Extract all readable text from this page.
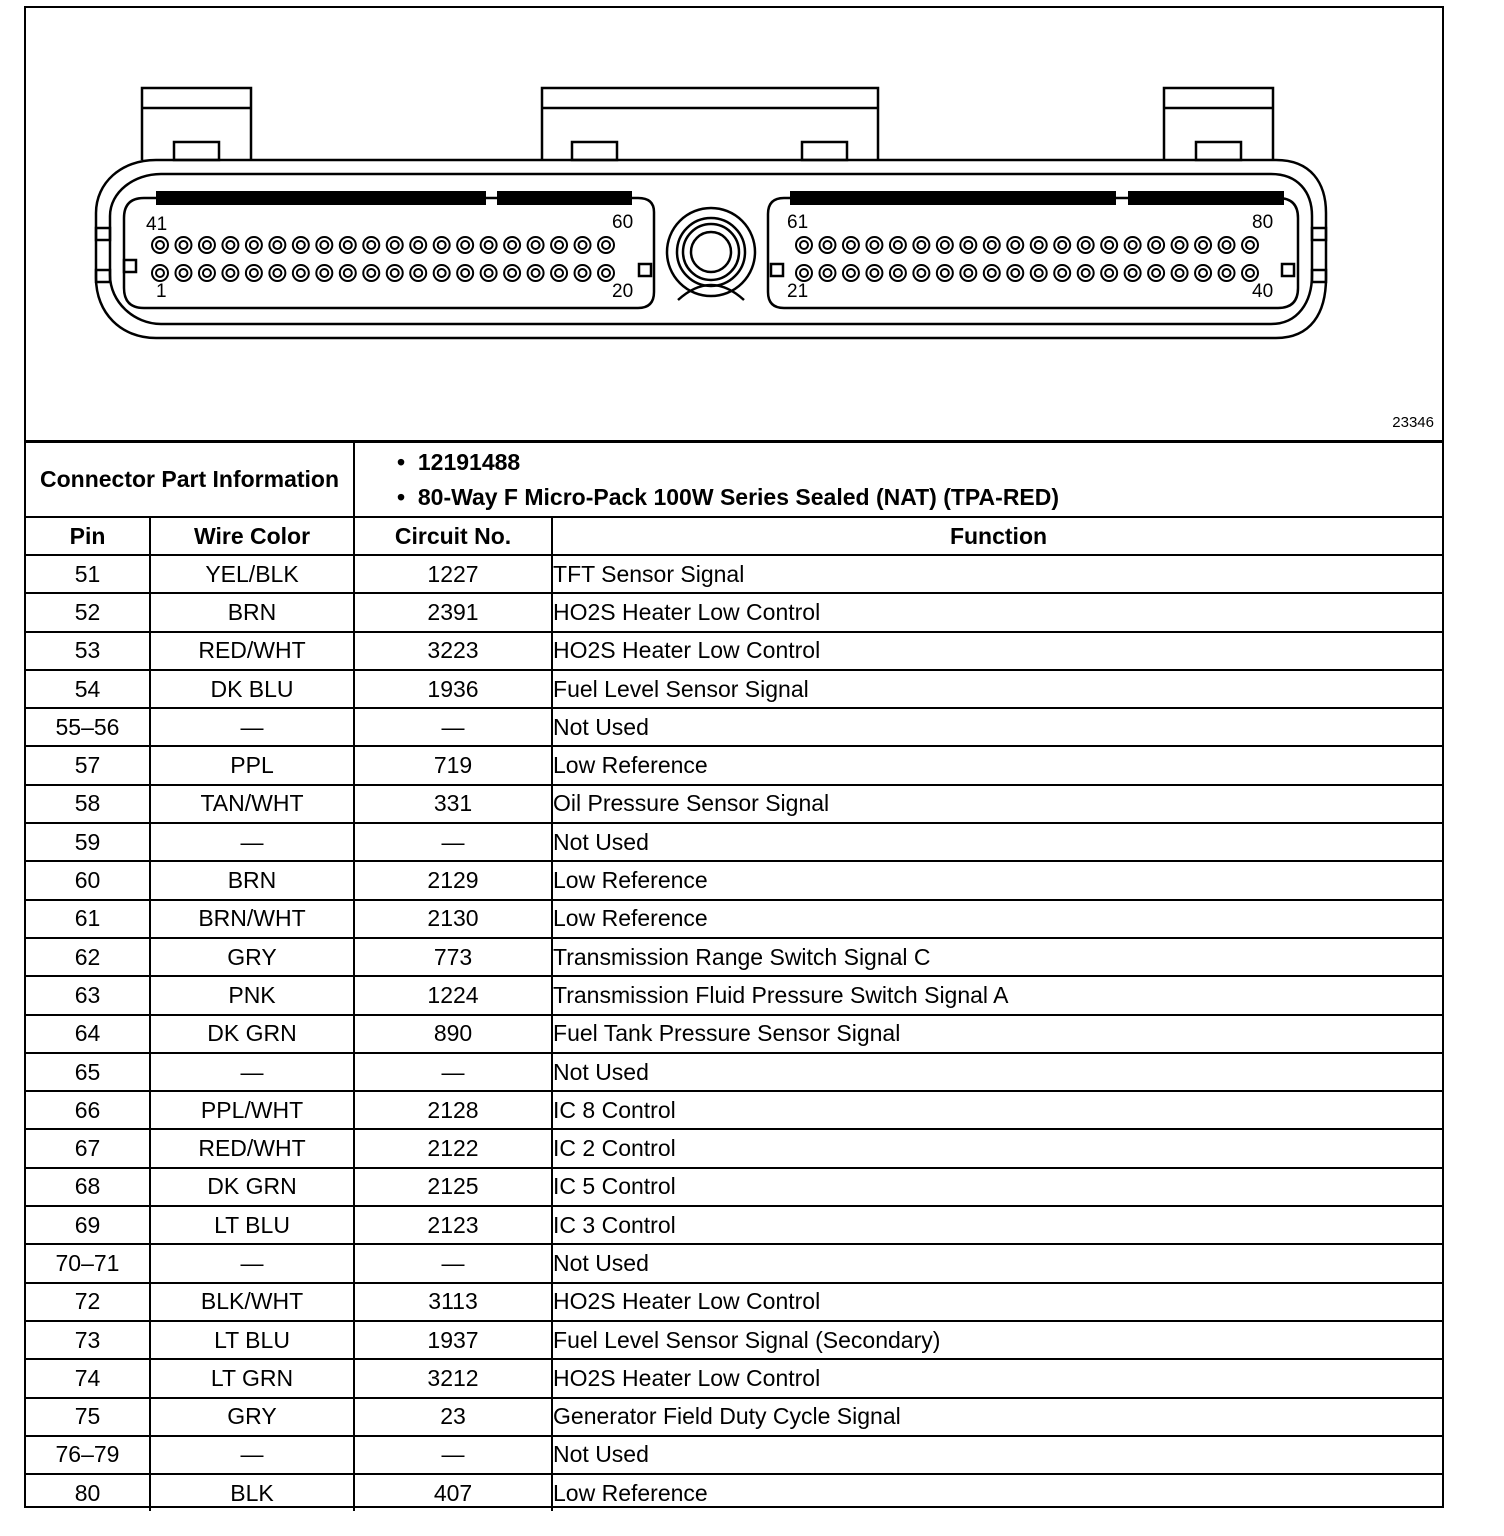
41	60
1	20
61	80
21	40
23346
Connector Part Information		•  12191488
•  80-Way F Micro-Pack 100W Series Sealed (NAT) (TPA-RED)

Pin	Wire Color	Circuit No.	Function
51	YEL/BLK	1227	TFT Sensor Signal
52	BRN	2391	HO2S Heater Low Control
53	RED/WHT	3223	HO2S Heater Low Control
54	DK BLU	1936	Fuel Level Sensor Signal
55–56	—	—	Not Used
57	PPL	719	Low Reference
58	TAN/WHT	331	Oil Pressure Sensor Signal
59	—	—	Not Used
60	BRN	2129	Low Reference
61	BRN/WHT	2130	Low Reference
62	GRY	773	Transmission Range Switch Signal C
63	PNK	1224	Transmission Fluid Pressure Switch Signal A
64	DK GRN	890	Fuel Tank Pressure Sensor Signal
65	—	—	Not Used
66	PPL/WHT	2128	IC 8 Control
67	RED/WHT	2122	IC 2 Control
68	DK GRN	2125	IC 5 Control
69	LT BLU	2123	IC 3 Control
70–71	—	—	Not Used
72	BLK/WHT	3113	HO2S Heater Low Control
73	LT BLU	1937	Fuel Level Sensor Signal (Secondary)
74	LT GRN	3212	HO2S Heater Low Control
75	GRY	23	Generator Field Duty Cycle Signal
76–79	—	—	Not Used
80	BLK	407	Low Reference
